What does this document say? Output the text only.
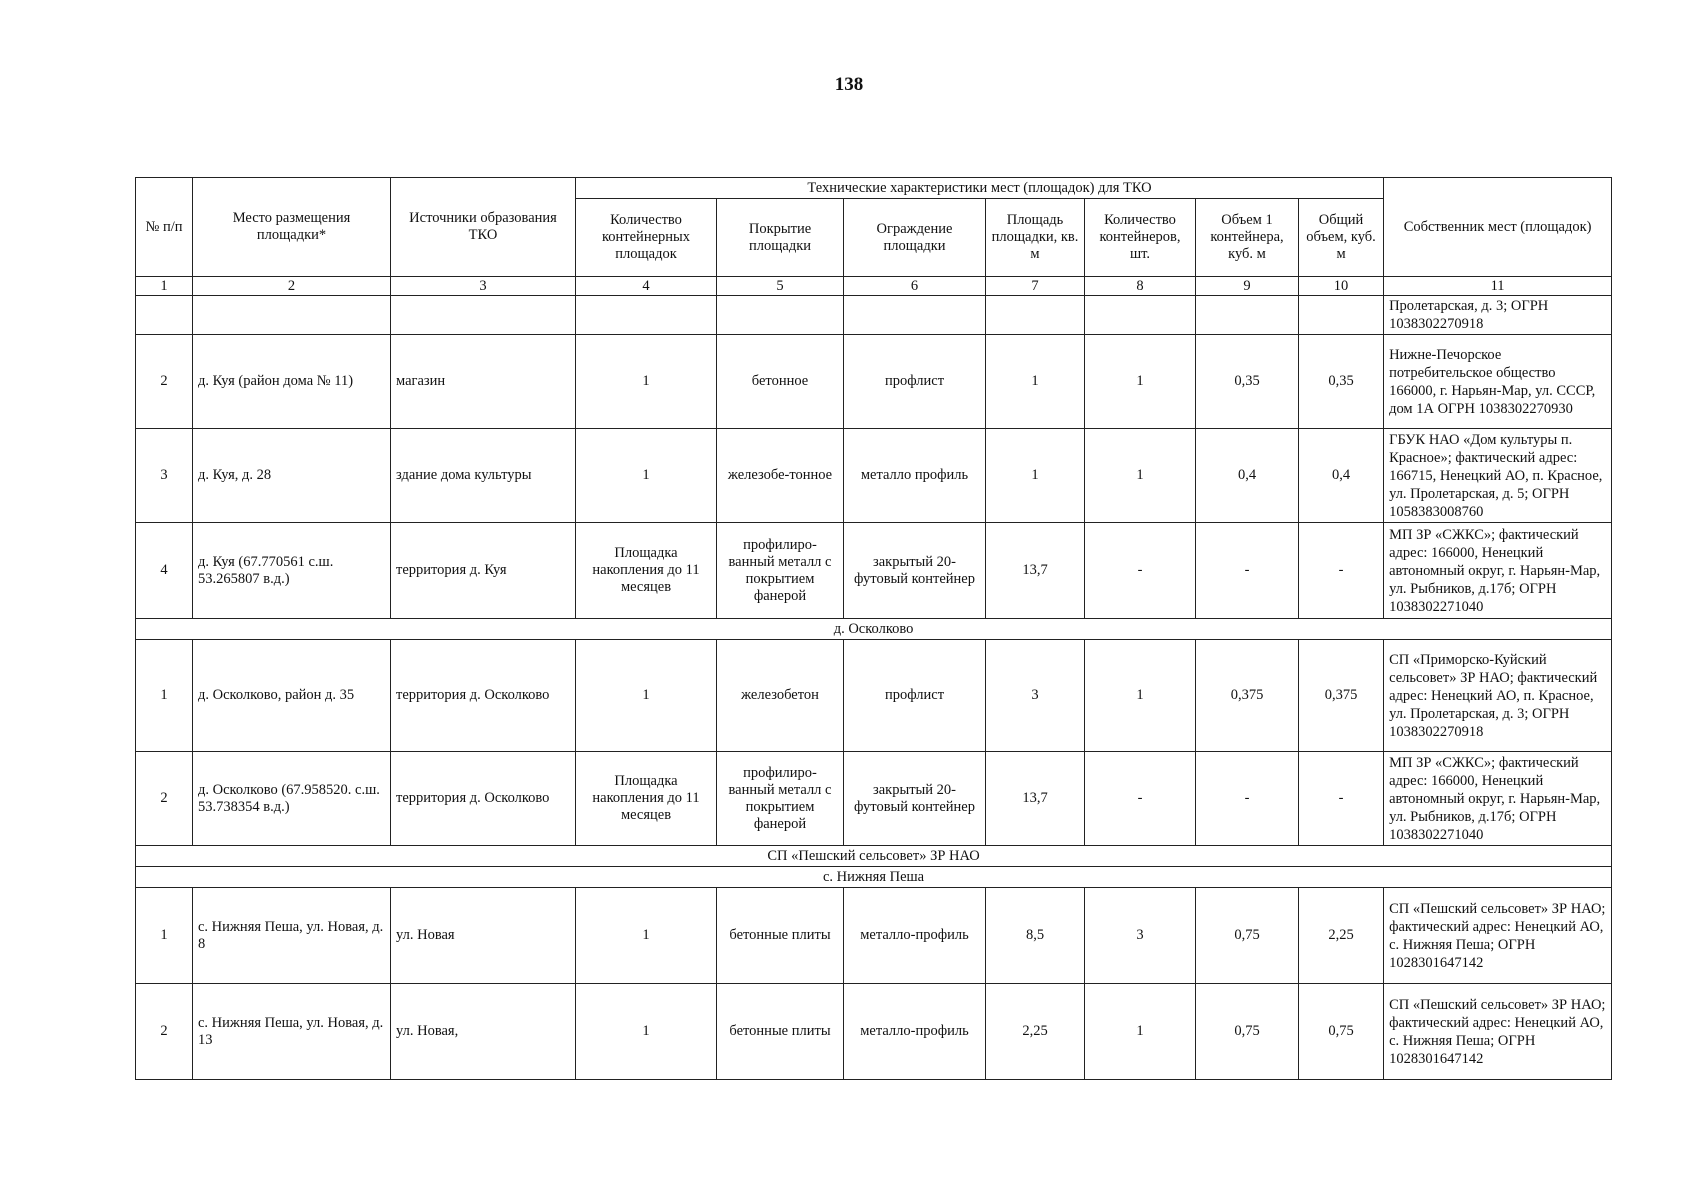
138
№ п/п	Место размещения площадки*	Источники образования ТКО	Технические характеристики мест (площадок) для ТКО							Собственник мест (площадок)
			Количество контейнерных площадок	Покрытие площадки	Ограждение площадки	Площадь площадки, кв. м	Количество контейнеров, шт.	Объем 1 контейнера, куб. м	Общий объем, куб. м	
1	2	3	4	5	6	7	8	9	10	11
										Пролетарская, д. 3; ОГРН 1038302270918
2	д. Куя (район дома № 11)	магазин	1	бетонное	профлист	1	1	0,35	0,35	Нижне-Печорское потребительское общество 166000, г. Нарьян-Мар, ул. СССР, дом 1А ОГРН 1038302270930
3	д. Куя, д. 28	здание дома культуры	1	железобе-тонное	металло профиль	1	1	0,4	0,4	ГБУК НАО «Дом культуры п. Красное»; фактический адрес: 166715, Ненецкий АО, п. Красное, ул. Пролетарская, д. 5; ОГРН 1058383008760
4	д. Куя (67.770561 с.ш. 53.265807 в.д.)	территория д. Куя	Площадка накопления до 11 месяцев	профилиро-ванный металл с покрытием фанерой	закрытый 20-футовый контейнер	13,7	-	-	-	МП ЗР «СЖКС»; фактический адрес: 166000, Ненецкий автономный округ, г. Нарьян-Мар, ул. Рыбников, д.17б; ОГРН 1038302271040
д. Осколково										
1	д. Осколково, район д. 35	территория д. Осколково	1	железобетон	профлист	3	1	0,375	0,375	СП «Приморско-Куйский сельсовет» ЗР НАО; фактический адрес: Ненецкий АО, п. Красное, ул. Пролетарская, д. 3; ОГРН 1038302270918
2	д. Осколково (67.958520. с.ш. 53.738354 в.д.)	территория д. Осколково	Площадка накопления до 11 месяцев	профилиро-ванный металл с покрытием фанерой	закрытый 20-футовый контейнер	13,7	-	-	-	МП ЗР «СЖКС»; фактический адрес: 166000, Ненецкий автономный округ, г. Нарьян-Мар, ул. Рыбников, д.17б; ОГРН 1038302271040
СП «Пешский сельсовет» ЗР НАО										
с. Нижняя Пеша										
1	с. Нижняя Пеша, ул. Новая, д. 8	ул. Новая	1	бетонные плиты	металло-профиль	8,5	3	0,75	2,25	СП «Пешский сельсовет» ЗР НАО; фактический адрес: Ненецкий АО, с. Нижняя Пеша; ОГРН 1028301647142
2	с. Нижняя Пеша, ул. Новая, д. 13	ул. Новая,	1	бетонные плиты	металло-профиль	2,25	1	0,75	0,75	СП «Пешский сельсовет» ЗР НАО; фактический адрес: Ненецкий АО, с. Нижняя Пеша; ОГРН 1028301647142
